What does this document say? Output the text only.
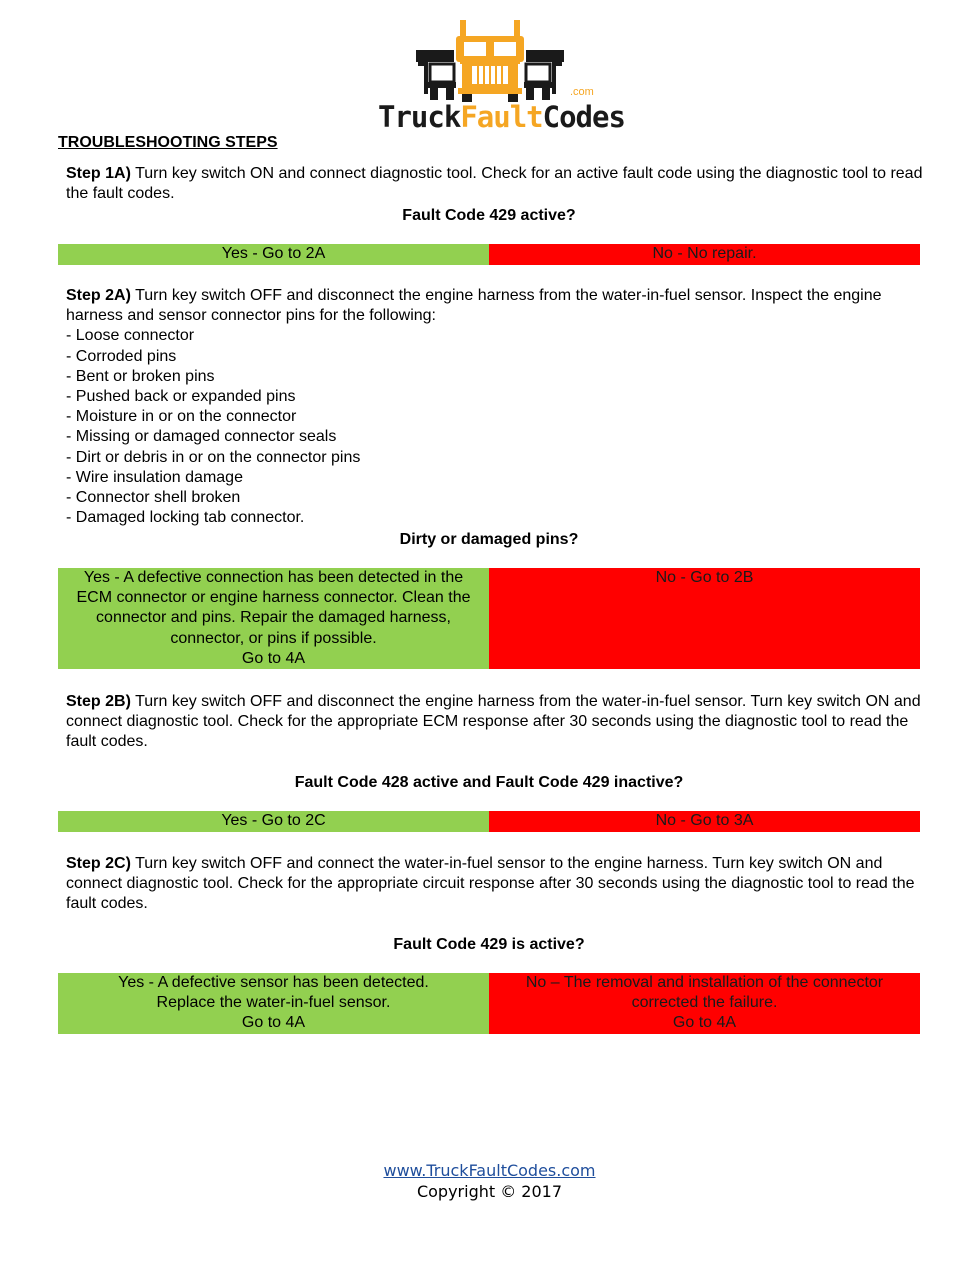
TruckFaultCodes
.com
TROUBLESHOOTING STEPS
Step 1A) Turn key switch ON and connect diagnostic tool. Check for an active fault code using the diagnostic tool to read the fault codes.
Fault Code 429 active?
Yes - Go to 2A	No - No repair.
Step 2A) Turn key switch OFF and disconnect the engine harness from the water-in-fuel sensor. Inspect the engine harness and sensor connector pins for the following:
- Loose connector
- Corroded pins
- Bent or broken pins
- Pushed back or expanded pins
- Moisture in or on the connector
- Missing or damaged connector seals
- Dirt or debris in or on the connector pins
- Wire insulation damage
- Connector shell broken
- Damaged locking tab connector.
Dirty or damaged pins?
Yes - A defective connection has been detected in the ECM connector or engine harness connector. Clean the connector and pins. Repair the damaged harness, connector, or pins if possible.
Go to 4A
No - Go to 2B
Step 2B) Turn key switch OFF and disconnect the engine harness from the water-in-fuel sensor. Turn key switch ON and connect diagnostic tool. Check for the appropriate ECM response after 30 seconds using the diagnostic tool to read the fault codes.
Fault Code 428 active and Fault Code 429 inactive?
Yes - Go to 2C	No - Go to 3A
Step 2C) Turn key switch OFF and connect the water-in-fuel sensor to the engine harness. Turn key switch ON and connect diagnostic tool. Check for the appropriate circuit response after 30 seconds using the diagnostic tool to read the fault codes.
Fault Code 429 is active?
Yes - A defective sensor has been detected. Replace the water-in-fuel sensor.
Go to 4A
No – The removal and installation of the connector corrected the failure.
Go to 4A
www.TruckFaultCodes.com
Copyright © 2017
